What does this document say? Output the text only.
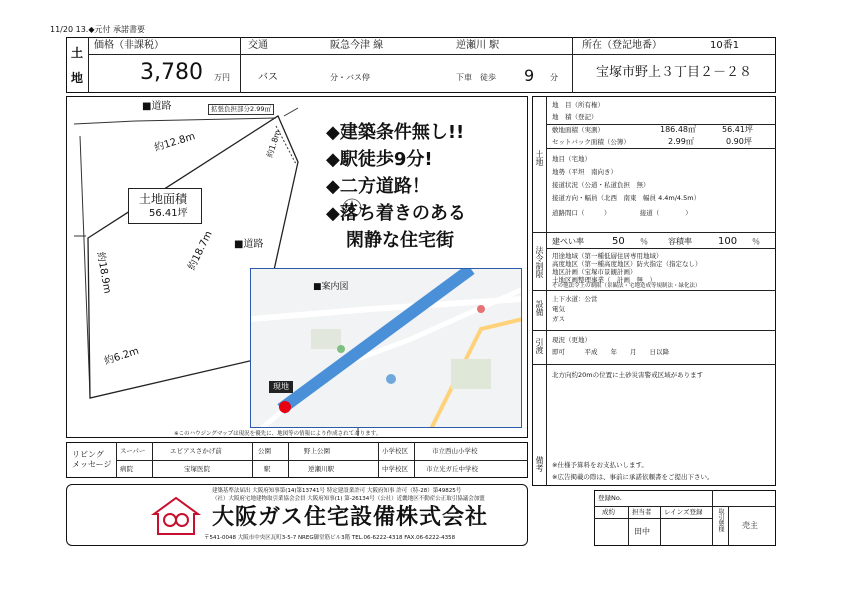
11/20 13.◆元付 承諾書要
土
地
価格（非課税）
3,780 万円
交通	阪急今津 線	逆瀬川 駅
バス	分・バス停	下車　徒歩 9 分
所在（登記地番）	10番1
宝塚市野上３丁目２－２８
■道路	拡張負担部分2.99㎡
約12.8m	約1.8m
約18.9m
約18.7m
約6.2m
■道路
土地面積
56.41坪
◆建築条件無し!!
◆駅徒歩9分!
◆二方道路！
◆落ち着きのある
閑静な住宅街
■案内図
現地
※このハウジングマップは現況を優先に、地図等の情報により作成されております。
土地
法令制限
設備
引渡
備考
地　目（所有権）
地　積（登記）
敷地面積（実測）	186.48㎡	56.41坪
セットバック面積（公簿）	2.99㎡	0.90坪
地目（宅地）
地勢（平坦　南向き）
接道状況（公道・私道負担　無）
接道方向・幅員（北西　南東　幅員 4.4m/4.5m）
道路間口（　　　）　　　　　接道（　　　　）
建ぺい率	50 ％	容積率	100 ％
用途地域（第一種低層住居専用地域）
高度地区（第一種高度地区）防火指定（指定なし）
地区計画（宝塚市景観計画）
土地区画整理事業（　計画　無　）
その他法令上の制限（景観法・宅地造成等規制法・緑化法）
上下水道：公営
電気
ガス
現況（更地）
即可　　　平成　　年　　月　　日以降
北方向約20mの位置に土砂災害警戒区域があります
※仕様予算料をお支払いします。
※広告掲載の際は、事前に承諾依頼書をご提出下さい。
リビング
メッセージ
スーパー	エビアスさかげ前	公園	野上公園	小学校区	市立西山小学校
病院	宝塚医院	駅	逆瀬川駅	中学校区	市立光ガ丘中学校
建築基準法届出 大阪府知事第(14)第13741号 特定建設業許可 大阪府知事 許可（特-28）第49825号
（社）大阪府宅地建物取引業協会会員 大阪府知事(1) 第-26134号（公社）近畿地区不動産公正取引協議会加盟
大阪ガス住宅設備株式会社
〒541-0048 大阪市中央区瓦町3-5-7 NREG御堂筋ビル3階 TEL.06-6222-4318 FAX.06-6222-4358
登録No.
成約	担当者 レインズ登録
田中	取引態様 売主
